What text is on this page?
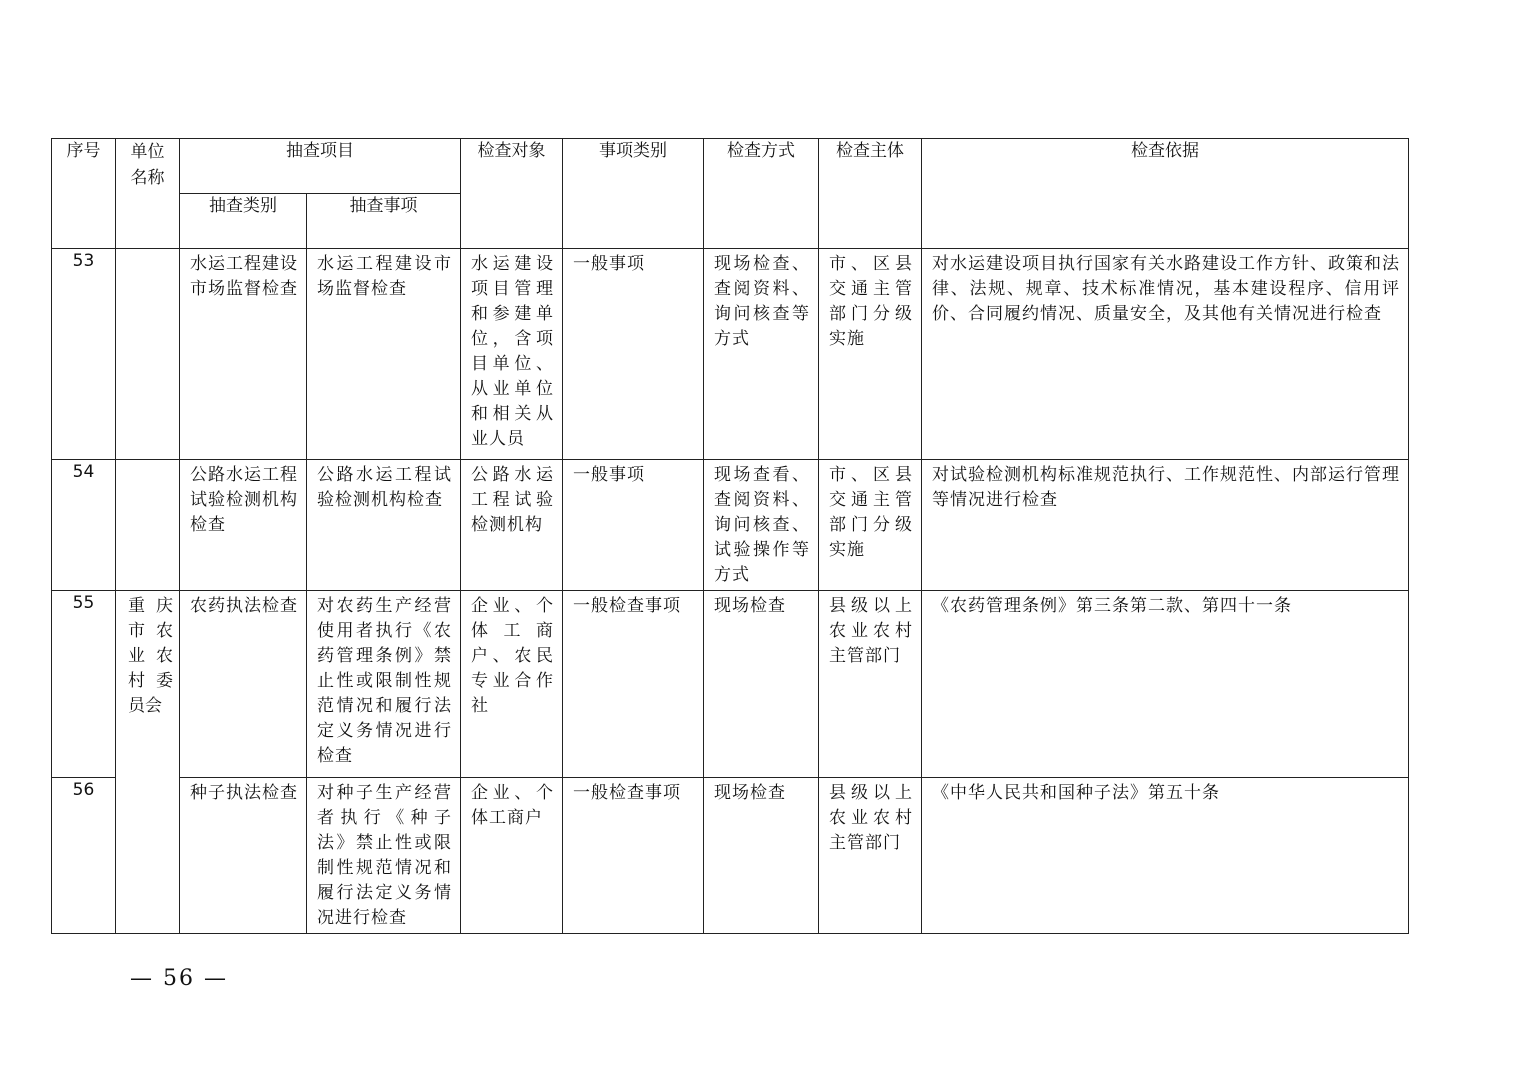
序号	单位名称	抽查项目		检查对象	事项类别	检查方式	检查主体	检查依据
		抽查类别	抽查事项					
53		水运工程建设市场监督检查	水运工程建设市场监督检查	水运建设项目管理和参建单位，含项目单位、从业单位和相关从业人员	一般事项	现场检查、查阅资料、询问核查等方式	市、区县交通主管部门分级实施	对水运建设项目执行国家有关水路建设工作方针、政策和法律、法规、规章、技术标准情况，基本建设程序、信用评价、合同履约情况、质量安全，及其他有关情况进行检查

54		公路水运工程试验检测机构检查	公路水运工程试验检测机构检查	公路水运工程试验检测机构	一般事项	现场查看、查阅资料、询问核查、试验操作等方式	市、区县交通主管部门分级实施	对试验检测机构标准规范执行、工作规范性、内部运行管理等情况进行检查

55	重庆市农业农村委员会	农药执法检查	对农药生产经营使用者执行《农药管理条例》禁止性或限制性规范情况和履行法定义务情况进行检查	企业、个体工商户、农民专业合作社	一般检查事项	现场检查	县级以上农业农村主管部门	《农药管理条例》第三条第二款、第四十一条

56		种子执法检查	对种子生产经营者执行《种子法》禁止性或限制性规范情况和履行法定义务情况进行检查	企业、个体工商户	一般检查事项	现场检查	县级以上农业农村主管部门	《中华人民共和国种子法》第五十条
— 56 —
